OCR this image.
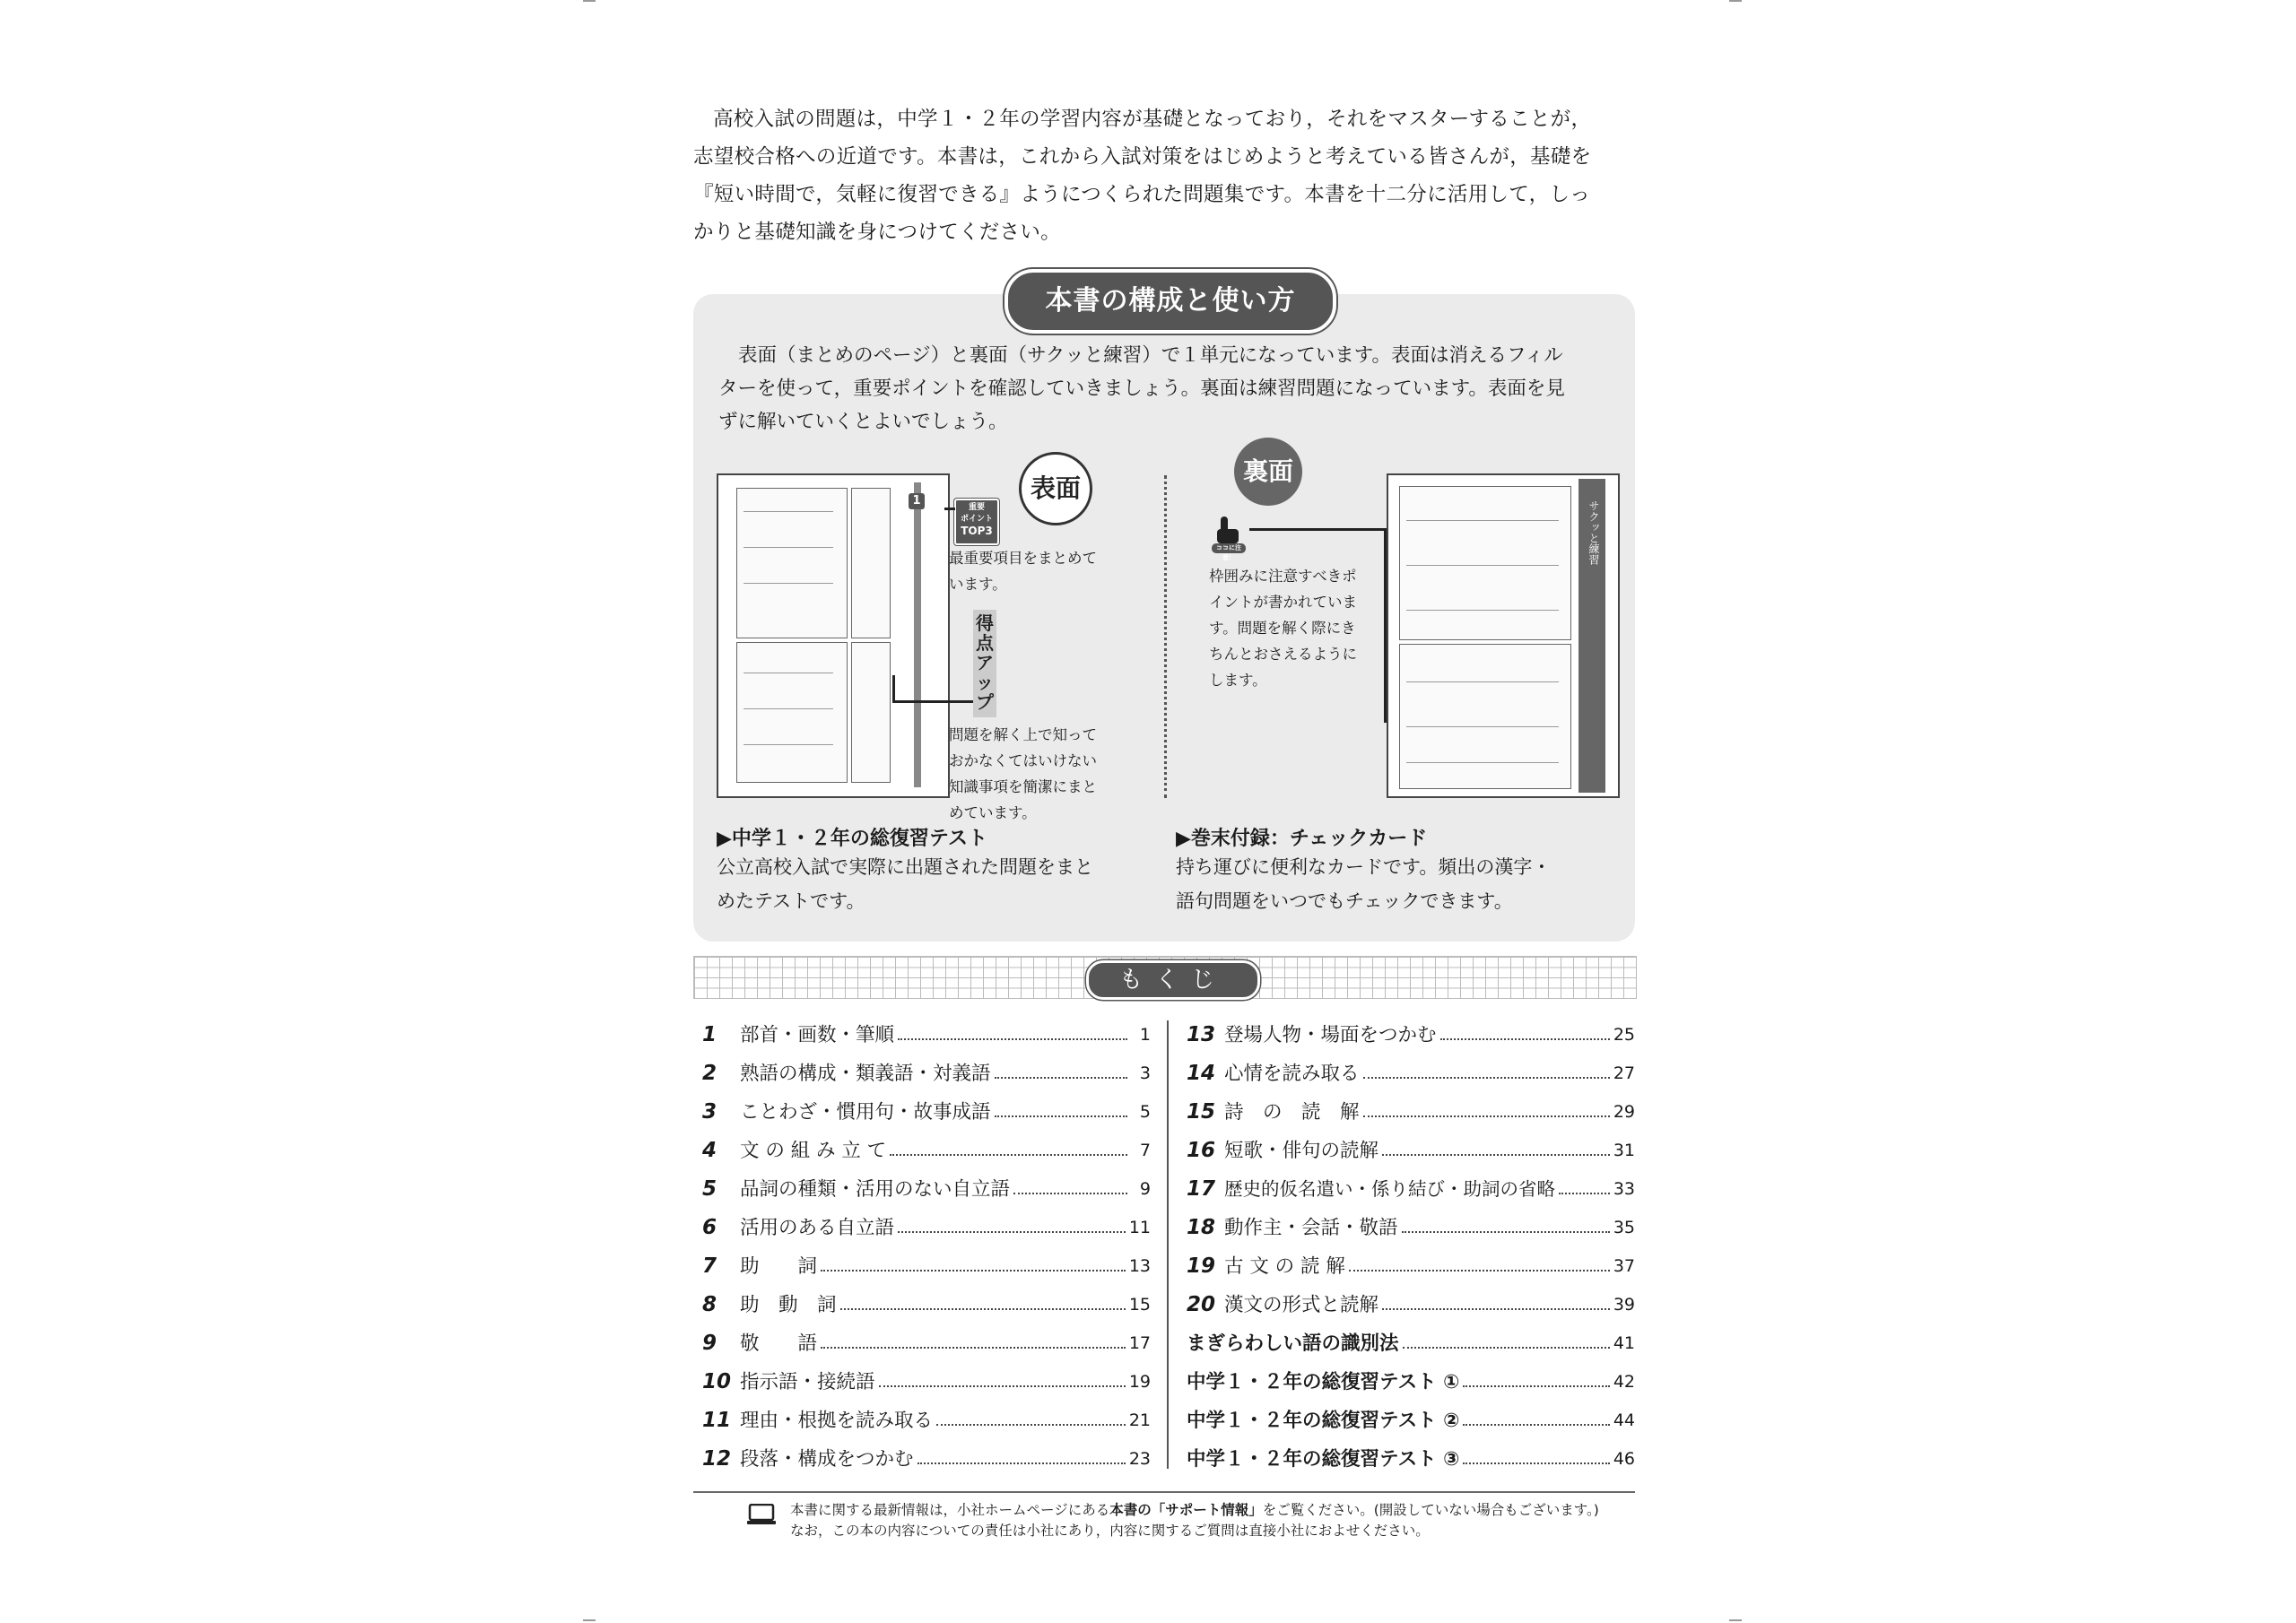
高校入試の問題は，中学１・２年の学習内容が基礎となっており，それをマスターすることが，

志望校合格への近道です。本書は，これから入試対策をはじめようと考えている皆さんが，基礎を

『短い時間で，気軽に復習できる』ようにつくられた問題集です。本書を十二分に活用して，しっ

かりと基礎知識を身につけてください。

本書の構成と使い方

表面（まとめのページ）と裏面（サクッと練習）で１単元になっています。表面は消えるフィル

ターを使って，重要ポイントを確認していきましょう。裏面は練習問題になっています。表面を見

ずに解いていくとよいでしょう。

1	表面
重要
ポイント
TOP3
最重要項目をまとめて
います。
得
点
ア
ッ
プ
問題を解く上で知って
おかなくてはいけない
知識事項を簡潔にまと
めています。
裏面
ココに注意！
枠囲みに注意すべきポ
イントが書かれていま
す。問題を解く際にき
ちんとおさえるように
します。
サクッと練習
▶中学１・２年の総復習テスト
公立高校入試で実際に出題された問題をまと
めたテストです。
▶巻末付録：チェックカード
持ち運びに便利なカードです。頻出の漢字・
語句問題をいつでもチェックできます。
もくじ
1	部首・画数・筆順	1
2	熟語の構成・類義語・対義語	3
3	ことわざ・慣用句・故事成語	5
4	文 の 組 み 立 て	7
5	品詞の種類・活用のない自立語	9
6	活用のある自立語	11
7	助　　詞	13
8	助　動　詞	15
9	敬　　語	17
10 指示語・接続語	19
11 理由・根拠を読み取る	21
12 段落・構成をつかむ	23
13 登場人物・場面をつかむ	25
14 心情を読み取る	27
15 詩　の　読　解	29
16 短歌・俳句の読解	31
17 歴史的仮名遣い・係り結び・助詞の省略	33
18 動作主・会話・敬語	35
19 古 文 の 読 解	37
20 漢文の形式と読解	39
まぎらわしい語の識別法	41
中学１・２年の総復習テスト ①	42
中学１・２年の総復習テスト ②	44
中学１・２年の総復習テスト ③	46
本書に関する最新情報は，小社ホームページにある本書の「サポート情報」をご覧ください。(開設していない場合もございます。)
なお，この本の内容についての責任は小社にあり，内容に関するご質問は直接小社におよせください。
